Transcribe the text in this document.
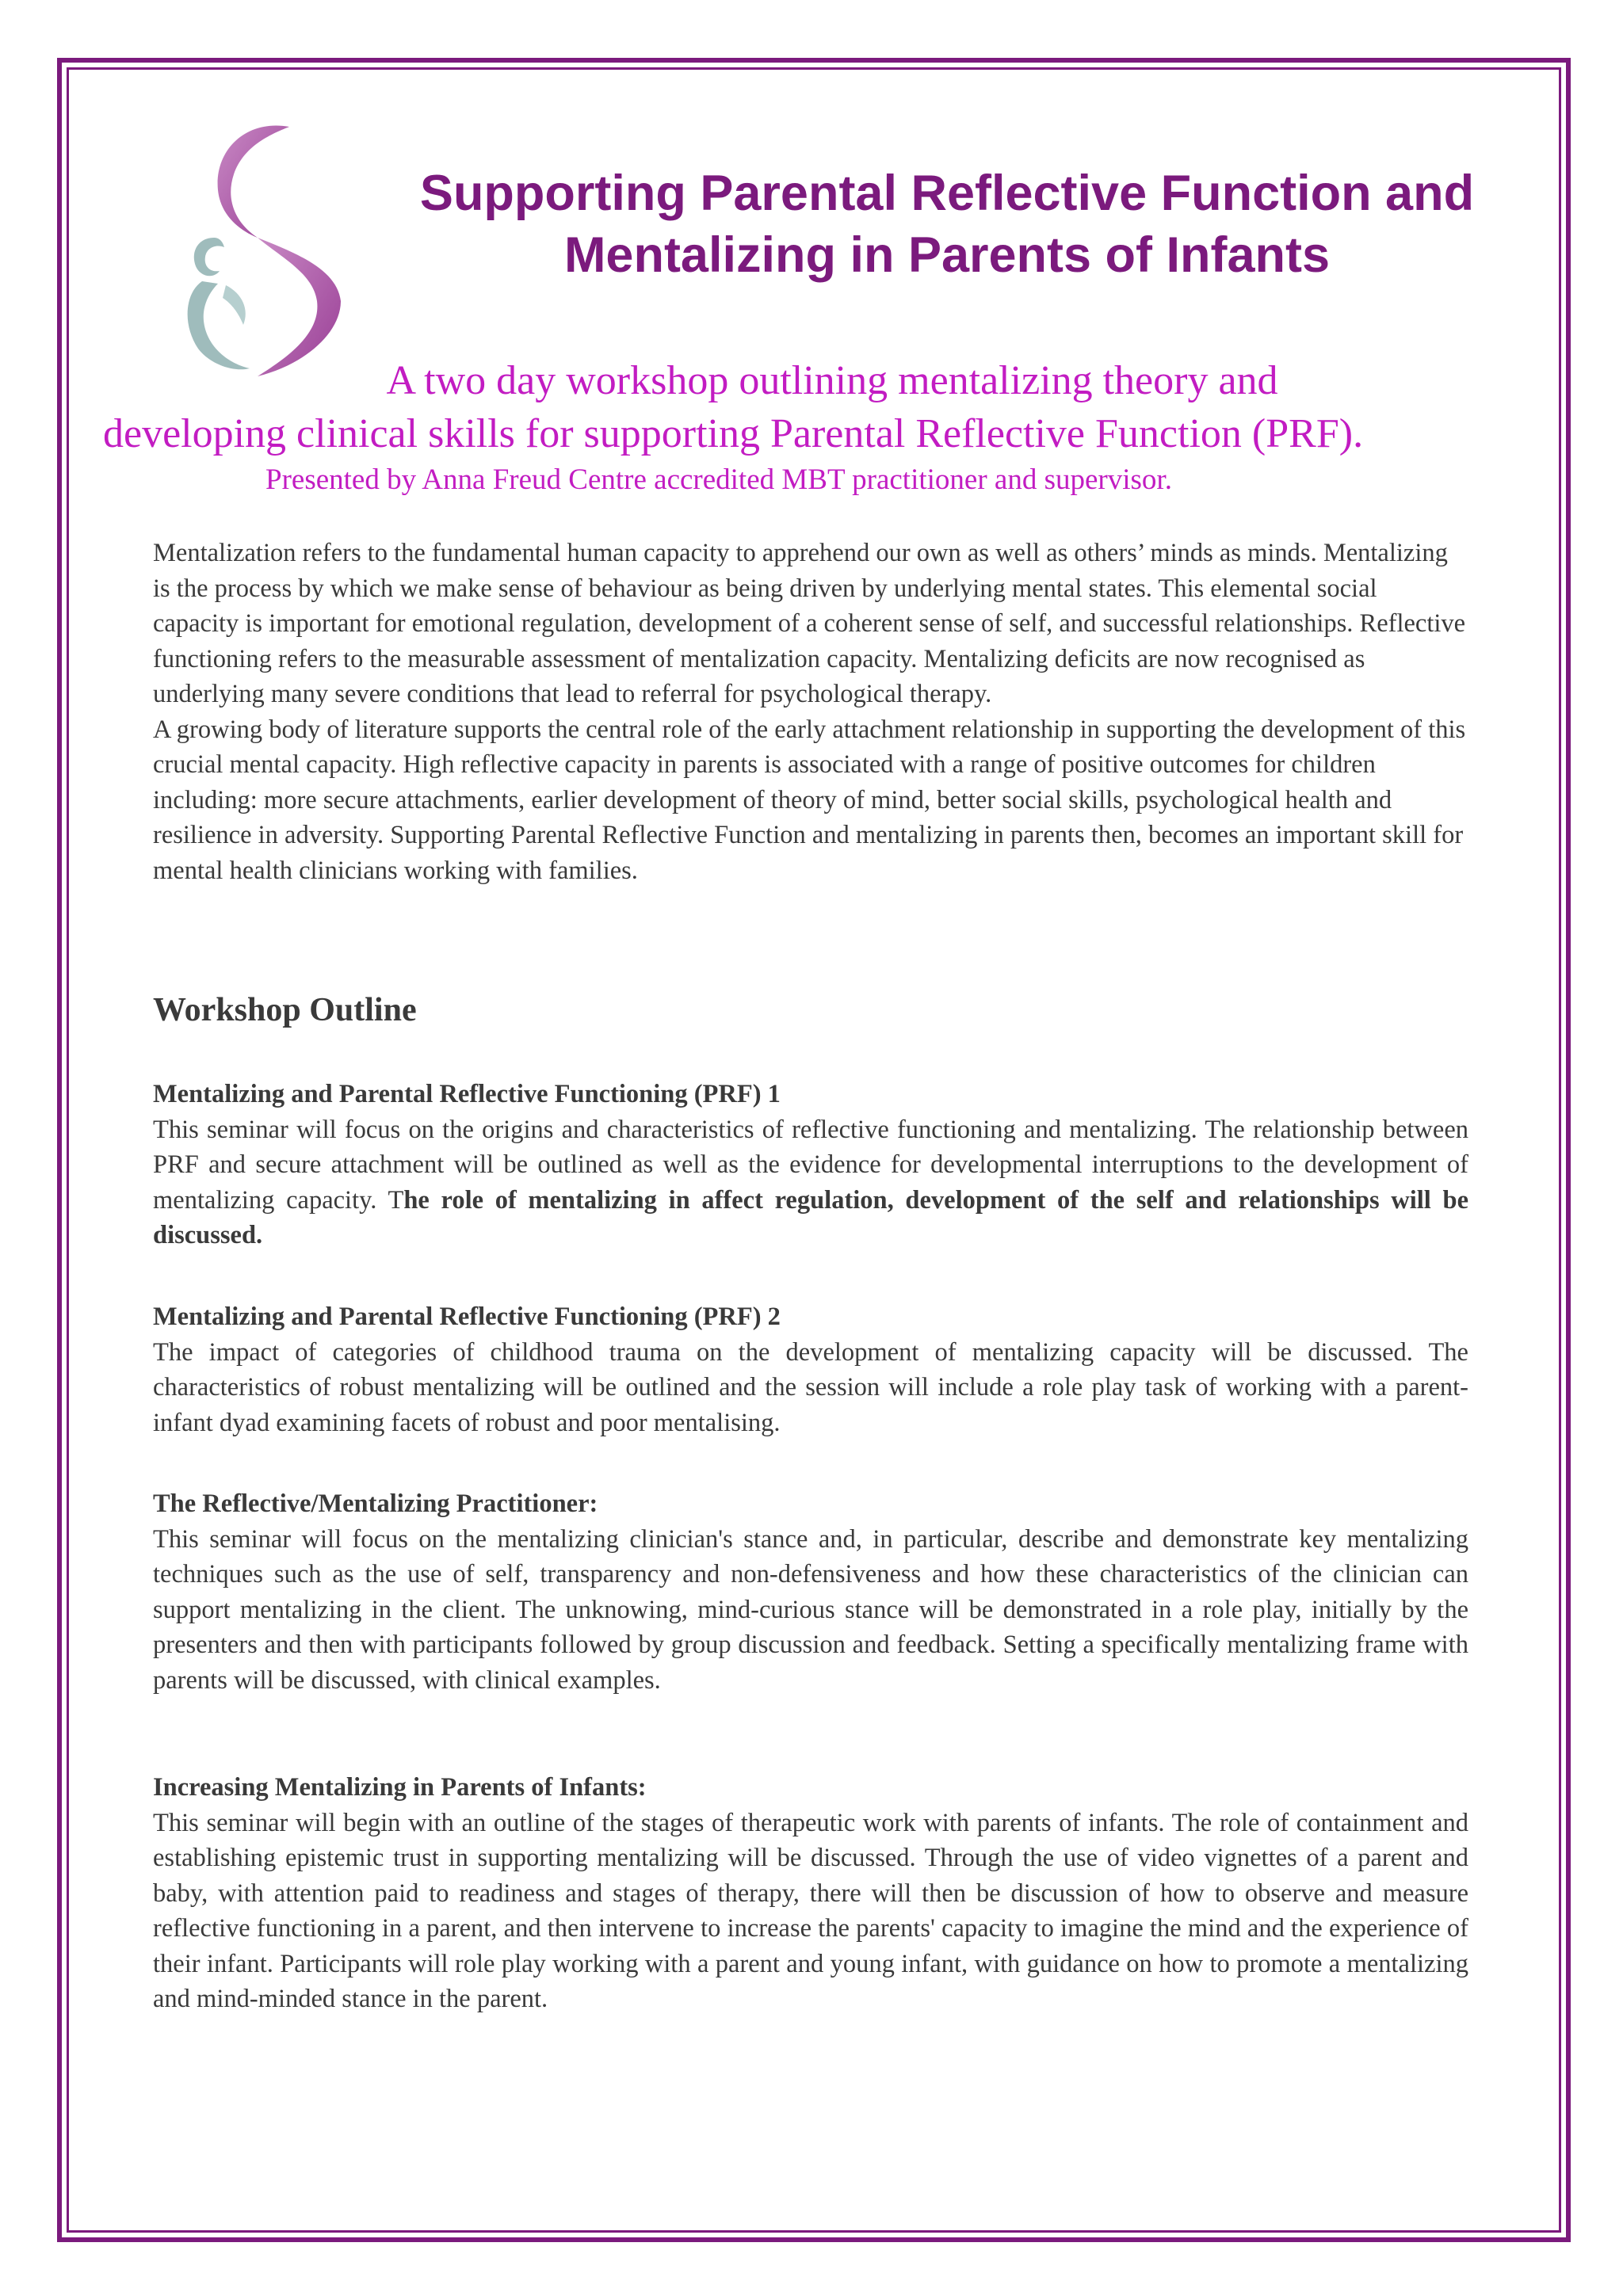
Supporting Parental Reflective Function and
Mentalizing in Parents of Infants
A two day workshop outlining mentalizing theory and
developing clinical skills for supporting Parental Reflective Function (PRF).
Presented by Anna Freud Centre accredited MBT practitioner and supervisor.

Mentalization refers to the fundamental human capacity to apprehend our own as well as others’ minds as minds. Mentalizing is the process by which we make sense of behaviour as being driven by underlying mental states. This elemental social capacity is important for emotional regulation, development of a coherent sense of self, and successful relationships. Reflective functioning refers to the measurable assessment of mentalization capacity. Mentalizing deficits are now recognised as underlying many severe conditions that lead to referral for psychological therapy.

A growing body of literature supports the central role of the early attachment relationship in supporting the development of this crucial mental capacity. High reflective capacity in parents is associated with a range of positive outcomes for children including: more secure attachments, earlier development of theory of mind, better social skills, psychological health and resilience in adversity. Supporting Parental Reflective Function and mentalizing in parents then, becomes an important skill for mental health clinicians working with families.

Workshop Outline
Mentalizing and Parental Reflective Functioning (PRF) 1

This seminar will focus on the origins and characteristics of reflective functioning and mentalizing. The relationship between PRF and secure attachment will be outlined as well as the evidence for developmental interruptions to the development of mentalizing capacity. The role of mentalizing in affect regulation, development of the self and relationships will be discussed.

Mentalizing and Parental Reflective Functioning (PRF) 2

The impact of categories of childhood trauma on the development of mentalizing capacity will be discussed. The characteristics of robust mentalizing will be outlined and the session will include a role play task of working with a parent-infant dyad examining facets of robust and poor mentalising.

The Reflective/Mentalizing Practitioner:

This seminar will focus on the mentalizing clinician's stance and, in particular, describe and demonstrate key mentalizing techniques such as the use of self, transparency and non-defensiveness and how these characteristics of the clinician can support mentalizing in the client. The unknowing, mind-curious stance will be demonstrated in a role play, initially by the presenters and then with participants followed by group discussion and feedback. Setting a specifically mentalizing frame with parents will be discussed, with clinical examples.

Increasing Mentalizing in Parents of Infants:

This seminar will begin with an outline of the stages of therapeutic work with parents of infants. The role of containment and establishing epistemic trust in supporting mentalizing will be discussed. Through the use of video vignettes of a parent and baby, with attention paid to readiness and stages of therapy, there will then be discussion of how to observe and measure reflective functioning in a parent, and then intervene to increase the parents' capacity to imagine the mind and the experience of their infant. Participants will role play working with a parent and young infant, with guidance on how to promote a mentalizing and mind-minded stance in the parent.
